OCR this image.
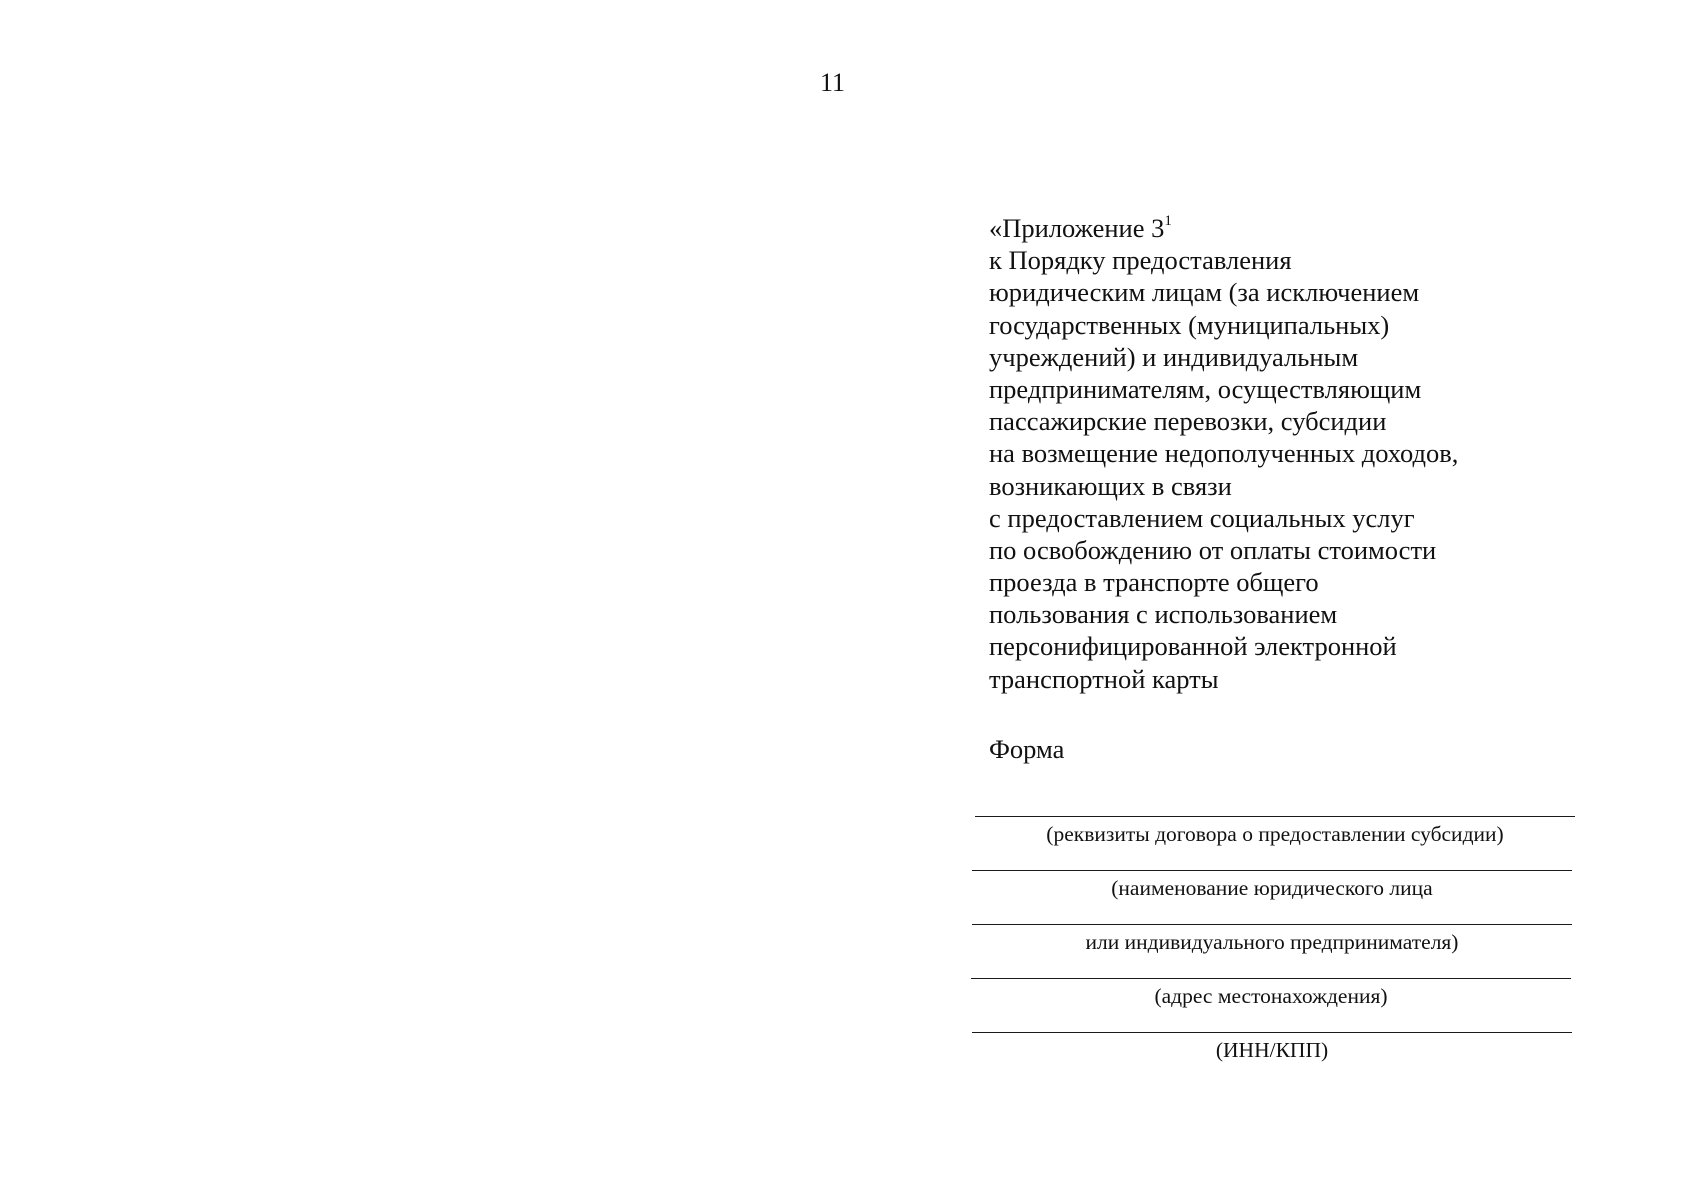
11
«Приложение $3^1$
к Порядку предоставления
юридическим лицам (за исключением
государственных (муниципальных)
учреждений) и индивидуальным
предпринимателям, осуществляющим
пассажирские перевозки, субсидии
на возмещение недополученных доходов,
возникающих в связи
с предоставлением социальных услуг
по освобождению от оплаты стоимости
проезда в транспорте общего
пользования с использованием
персонифицированной электронной
транспортной карты
Форма
(реквизиты договора о предоставлении субсидии)
(наименование юридического лица
или индивидуального предпринимателя)
(адрес местонахождения)
(ИНН/КПП)
